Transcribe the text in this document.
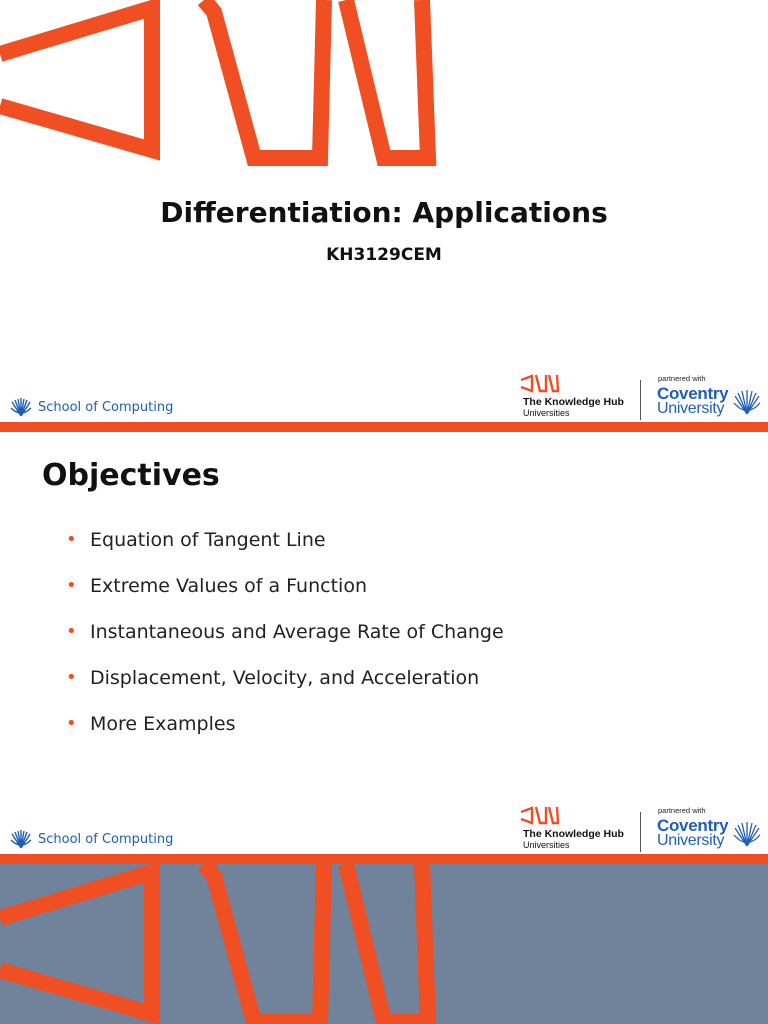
Differentiation: Applications
KH3129CEM
School of Computing	The Knowledge Hub
Universities
partnered with
Coventry
University
Objectives
• Equation of Tangent Line
• Extreme Values of a Function
• Instantaneous and Average Rate of Change
• Displacement, Velocity, and Acceleration
• More Examples
School of Computing	The Knowledge Hub
Universities
partnered with
Coventry
University
